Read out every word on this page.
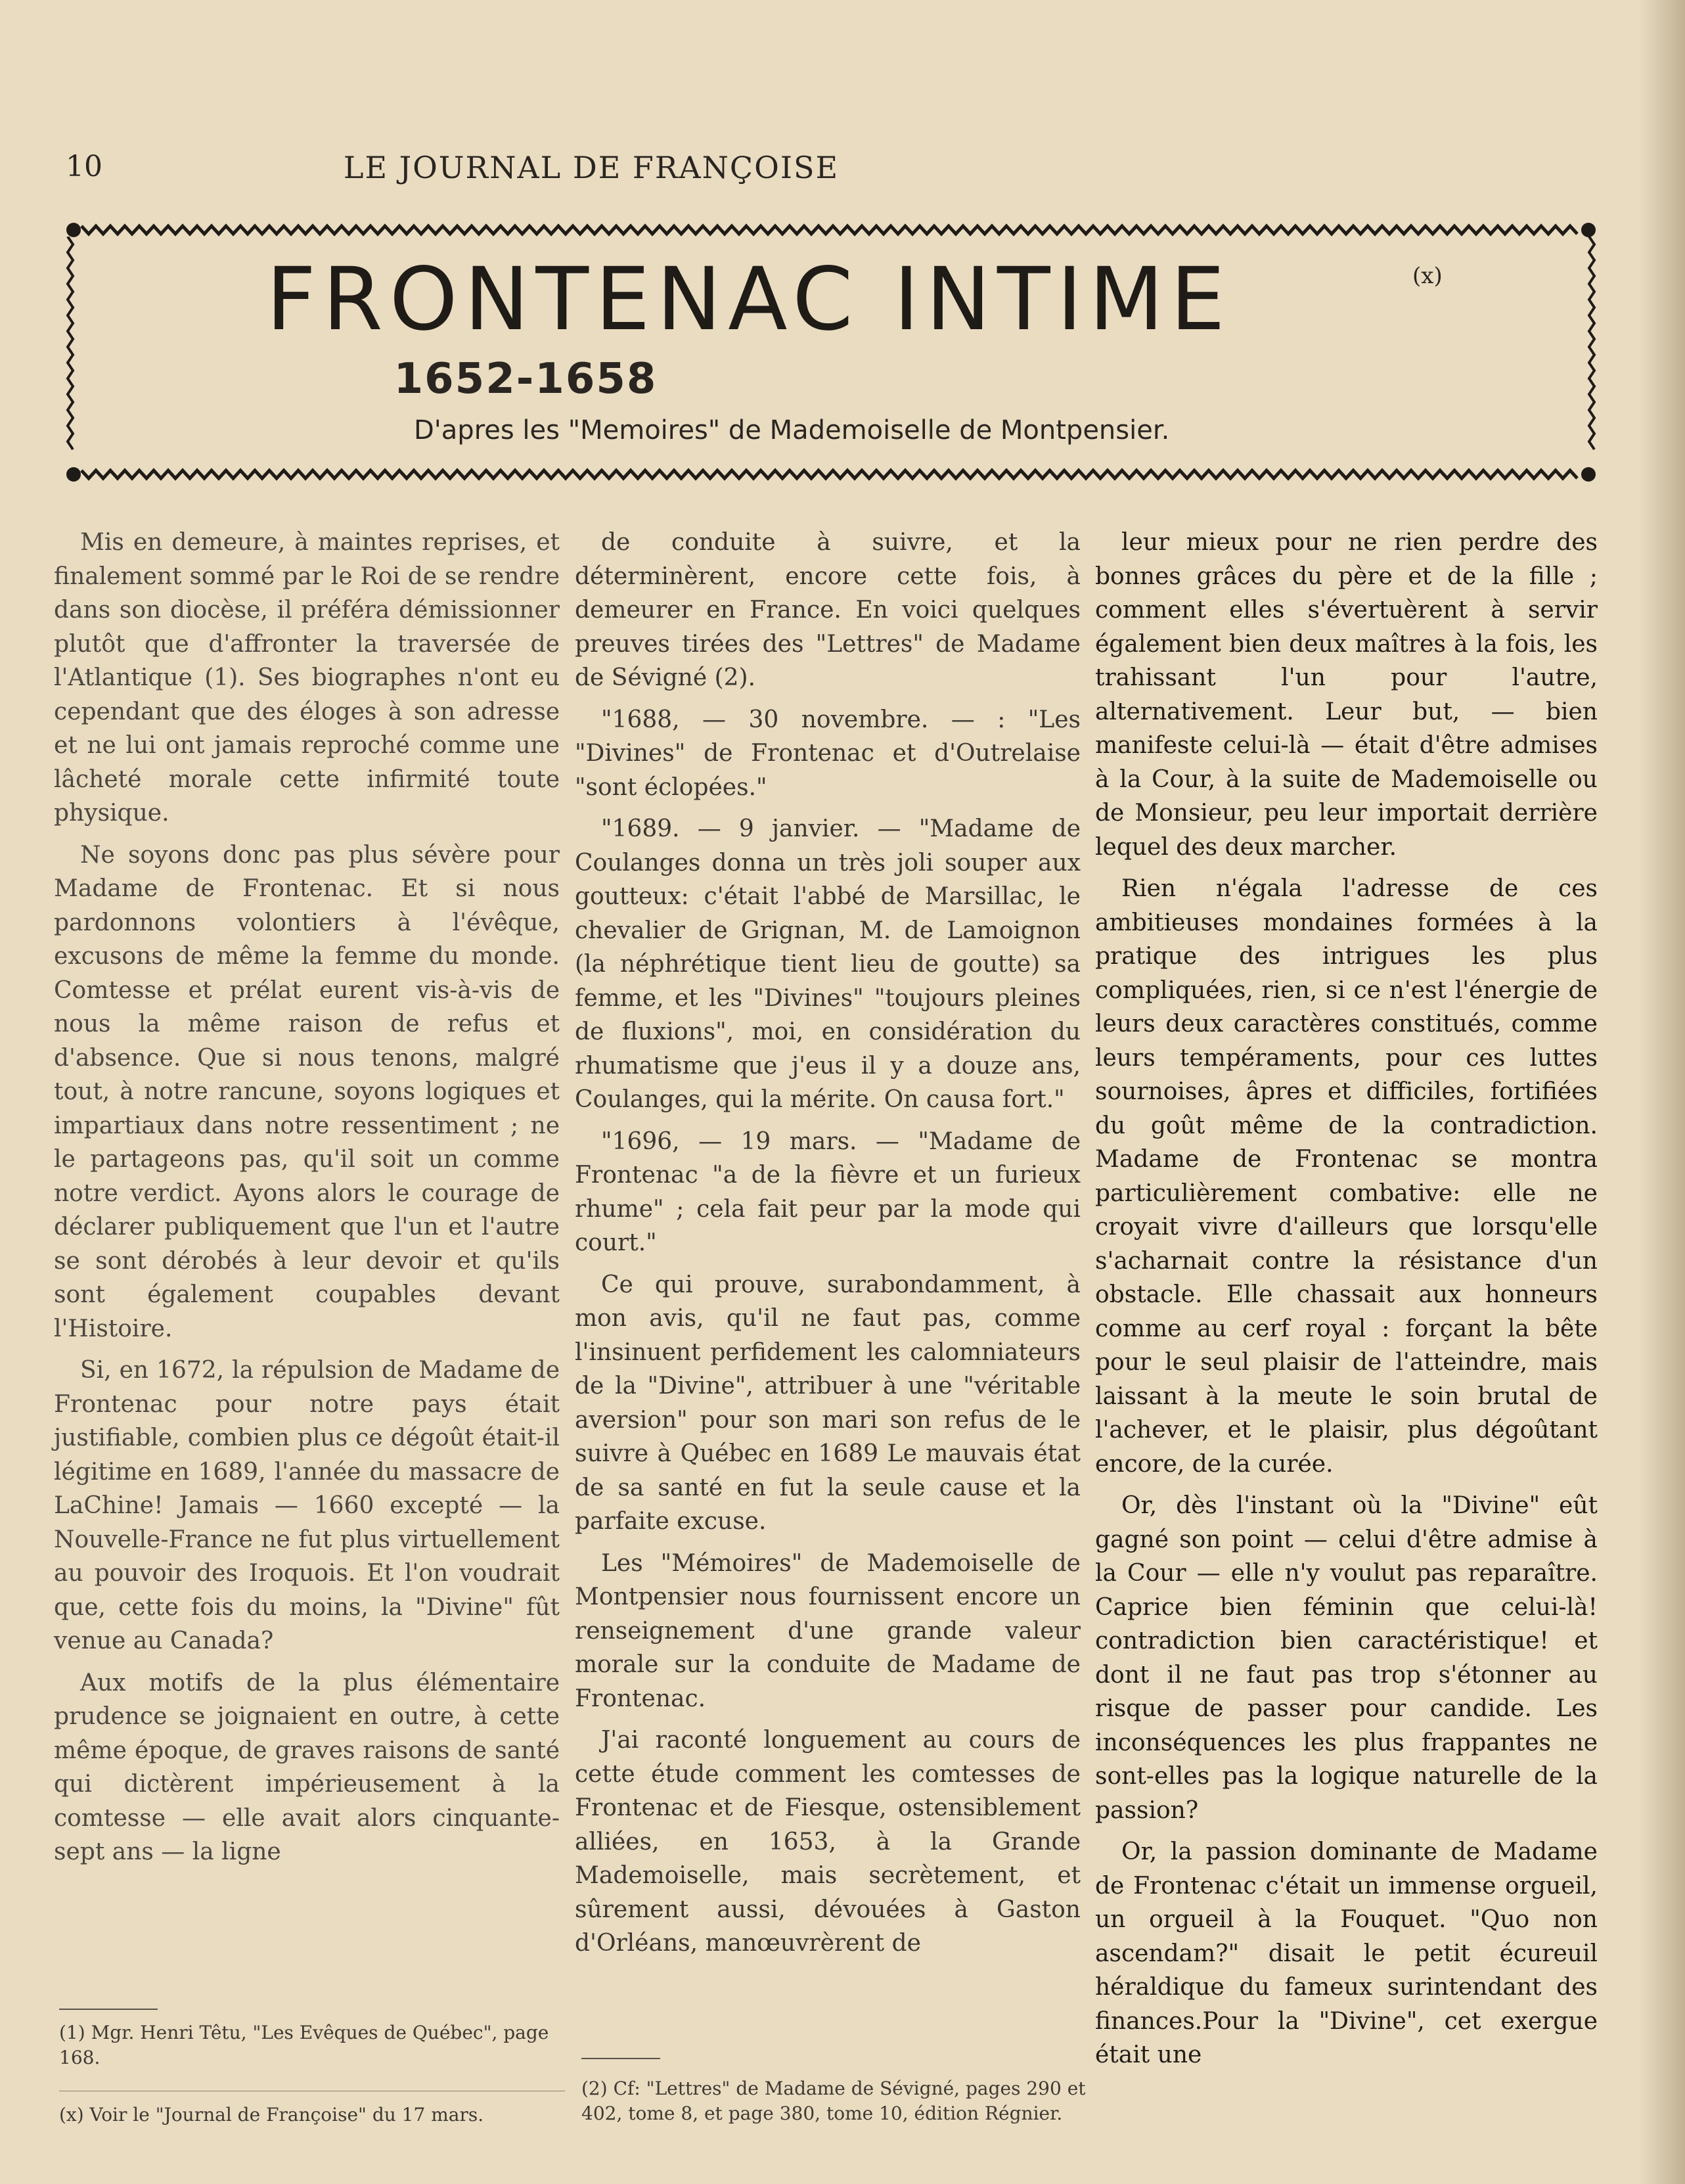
10	LE JOURNAL DE FRANÇOISE
FRONTENAC INTIME	(x)
1652-1658
D'apres les "Memoires" de Mademoiselle de Montpensier.

Mis en demeure, à maintes reprises, et finalement sommé par le Roi de se rendre dans son diocèse, il préféra démissionner plutôt que d'affronter la traversée de l'Atlantique (1). Ses biographes n'ont eu cependant que des éloges à son adresse et ne lui ont jamais reproché comme une lâcheté morale cette infirmité toute physique.

Ne soyons donc pas plus sévère pour Madame de Frontenac. Et si nous pardonnons volontiers à l'évêque, excusons de même la femme du monde. Comtesse et prélat eurent vis-à-vis de nous la même raison de refus et d'absence. Que si nous tenons, malgré tout, à notre rancune, soyons logiques et impartiaux dans notre ressentiment ; ne le partageons pas, qu'il soit un comme notre verdict. Ayons alors le courage de déclarer publiquement que l'un et l'autre se sont dérobés à leur devoir et qu'ils sont également coupables devant l'Histoire.

Si, en 1672, la répulsion de Madame de Frontenac pour notre pays était justifiable, combien plus ce dégoût était-il légitime en 1689, l'année du massacre de LaChine! Jamais — 1660 excepté — la Nouvelle-France ne fut plus virtuellement au pouvoir des Iroquois. Et l'on voudrait que, cette fois du moins, la "Divine" fût venue au Canada?

Aux motifs de la plus élémentaire prudence se joignaient en outre, à cette même époque, de graves raisons de santé qui dictèrent impérieusement à la comtesse — elle avait alors cinquante-sept ans — la ligne

de conduite à suivre, et la déterminèrent, encore cette fois, à demeurer en France. En voici quelques preuves tirées des "Lettres" de Madame de Sévigné (2).

"1688, — 30 novembre. — : "Les "Divines" de Frontenac et d'Outrelaise "sont éclopées."

"1689. — 9 janvier. — "Madame de Coulanges donna un très joli souper aux goutteux: c'était l'abbé de Marsillac, le chevalier de Grignan, M. de Lamoignon (la néphrétique tient lieu de goutte) sa femme, et les "Divines" "toujours pleines de fluxions", moi, en considération du rhumatisme que j'eus il y a douze ans, Coulanges, qui la mérite. On causa fort."

"1696, — 19 mars. — "Madame de Frontenac "a de la fièvre et un furieux rhume" ; cela fait peur par la mode qui court."

Ce qui prouve, surabondamment, à mon avis, qu'il ne faut pas, comme l'insinuent perfidement les calomniateurs de la "Divine", attribuer à une "véritable aversion" pour son mari son refus de le suivre à Québec en 1689 Le mauvais état de sa santé en fut la seule cause et la parfaite excuse.

Les "Mémoires" de Mademoiselle de Montpensier nous fournissent encore un renseignement d'une grande valeur morale sur la conduite de Madame de Frontenac.

J'ai raconté longuement au cours de cette étude comment les comtesses de Frontenac et de Fiesque, ostensiblement alliées, en 1653, à la Grande Mademoiselle, mais secrètement, et sûrement aussi, dévouées à Gaston d'Orléans, manœuvrèrent de

leur mieux pour ne rien perdre des bonnes grâces du père et de la fille ; comment elles s'évertuèrent à servir également bien deux maîtres à la fois, les trahissant l'un pour l'autre, alternativement. Leur but, — bien manifeste celui-là — était d'être admises à la Cour, à la suite de Mademoiselle ou de Monsieur, peu leur importait derrière lequel des deux marcher.

Rien n'égala l'adresse de ces ambitieuses mondaines formées à la pratique des intrigues les plus compliquées, rien, si ce n'est l'énergie de leurs deux caractères constitués, comme leurs tempéraments, pour ces luttes sournoises, âpres et difficiles, fortifiées du goût même de la contradiction. Madame de Frontenac se montra particulièrement combative: elle ne croyait vivre d'ailleurs que lorsqu'elle s'acharnait contre la résistance d'un obstacle. Elle chassait aux honneurs comme au cerf royal : forçant la bête pour le seul plaisir de l'atteindre, mais laissant à la meute le soin brutal de l'achever, et le plaisir, plus dégoûtant encore, de la curée.

Or, dès l'instant où la "Divine" eût gagné son point — celui d'être admise à la Cour — elle n'y voulut pas reparaître. Caprice bien féminin que celui-là! contradiction bien caractéristique! et dont il ne faut pas trop s'étonner au risque de passer pour candide. Les inconséquences les plus frappantes ne sont-elles pas la logique naturelle de la passion?

Or, la passion dominante de Madame de Frontenac c'était un immense orgueil, un orgueil à la Fouquet. "Quo non ascendam?" disait le petit écureuil héraldique du fameux surintendant des finances.Pour la "Divine", cet exergue était une

(1) Mgr. Henri Têtu, "Les Evêques de Québec", page 168.
(x) Voir le "Journal de Françoise" du 17 mars.
(2) Cf: "Lettres" de Madame de Sévigné, pages 290 et 402, tome 8, et page 380, tome 10, édition Régnier.
